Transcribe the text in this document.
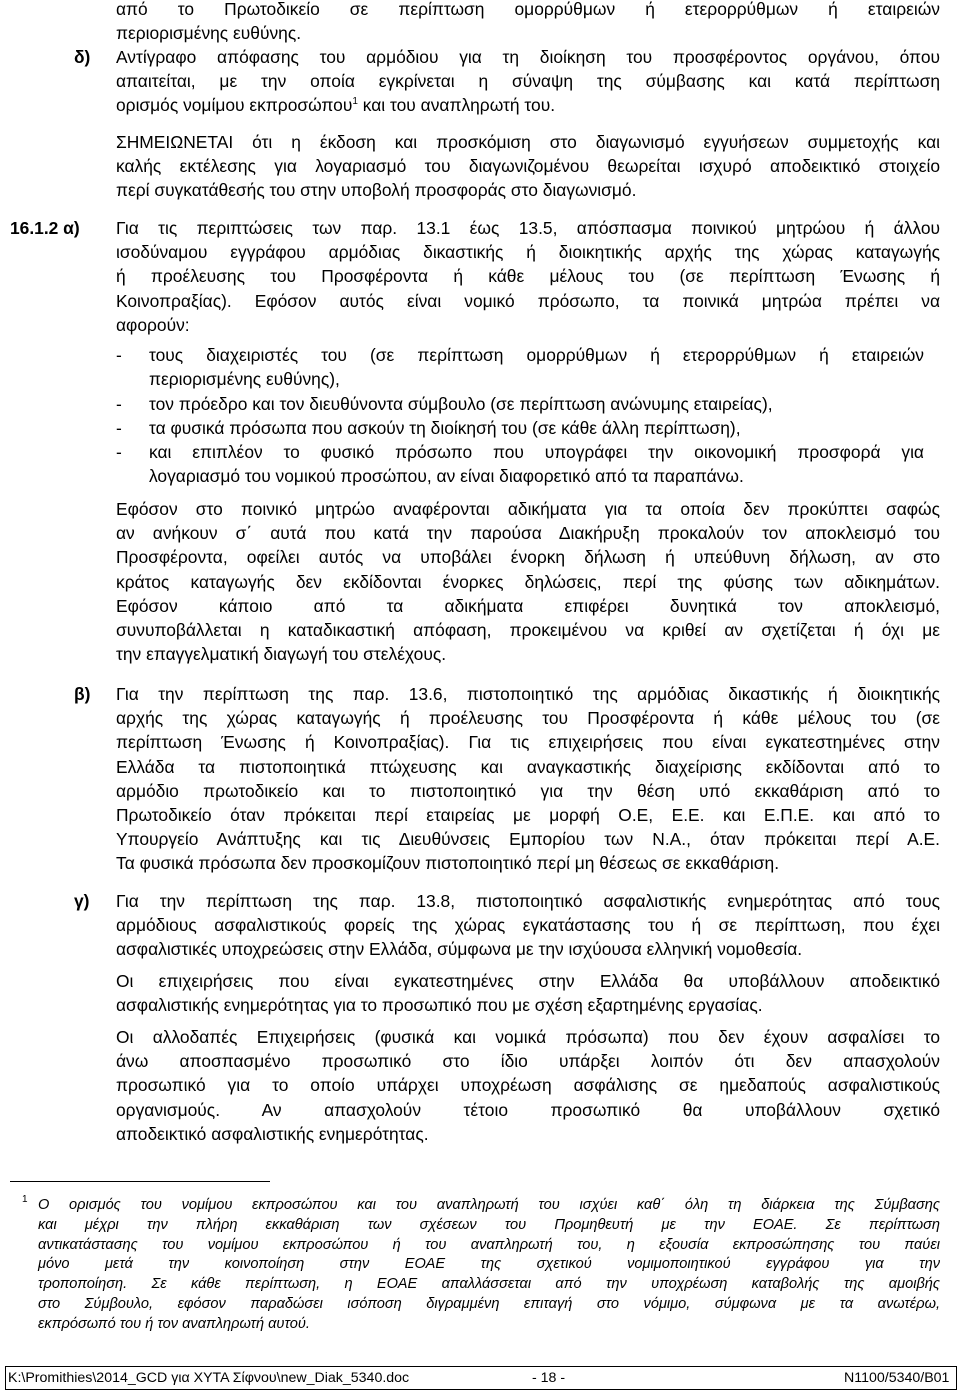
από το Πρωτοδικείο σε περίπτωση ομορρύθμων ή ετερορρύθμων ή εταιρειών
περιορισμένης ευθύνης.
δ) Αντίγραφο απόφασης του αρμόδιου για τη διοίκηση του προσφέροντος οργάνου, όπου
απαιτείται, με την οποία εγκρίνεται η σύναψη της σύμβασης και κατά περίπτωση
ορισμός νομίμου εκπροσώπου$^1$ και του αναπληρωτή του.
ΣΗΜΕΙΩΝΕΤΑΙ ότι η έκδοση και προσκόμιση στο διαγωνισμό εγγυήσεων συμμετοχής και
καλής εκτέλεσης για λογαριασμό του διαγωνιζομένου θεωρείται ισχυρό αποδεικτικό στοιχείο
περί συγκατάθεσής του στην υποβολή προσφοράς στο διαγωνισμό.
16.1.2 α) Για τις περιπτώσεις των παρ. 13.1 έως 13.5, απόσπασμα ποινικού μητρώου ή άλλου
ισοδύναμου εγγράφου αρμόδιας δικαστικής ή διοικητικής αρχής της χώρας καταγωγής
ή προέλευσης του Προσφέροντα ή κάθε μέλους του (σε περίπτωση Ένωσης ή
Κοινοπραξίας). Εφόσον αυτός είναι νομικό πρόσωπο, τα ποινικά μητρώα πρέπει να
αφορούν:
- τους διαχειριστές του (σε περίπτωση ομορρύθμων ή ετερορρύθμων ή εταιρειών
περιορισμένης ευθύνης),
- τον πρόεδρο και τον διευθύνοντα σύμβουλο (σε περίπτωση ανώνυμης εταιρείας),
- τα φυσικά πρόσωπα που ασκούν τη διοίκησή του (σε κάθε άλλη περίπτωση),
- και επιπλέον το φυσικό πρόσωπο που υπογράφει την οικονομική προσφορά για
λογαριασμό του νομικού προσώπου, αν είναι διαφορετικό από τα παραπάνω.
Εφόσον στο ποινικό μητρώο αναφέρονται αδικήματα για τα οποία δεν προκύπτει σαφώς
αν ανήκουν σ΄ αυτά που κατά την παρούσα Διακήρυξη προκαλούν τον αποκλεισμό του
Προσφέροντα, οφείλει αυτός να υποβάλει ένορκη δήλωση ή υπεύθυνη δήλωση, αν στο
κράτος καταγωγής δεν εκδίδονται ένορκες δηλώσεις, περί της φύσης των αδικημάτων.
Εφόσον κάποιο από τα αδικήματα επιφέρει δυνητικά τον αποκλεισμό,
συνυποβάλλεται η καταδικαστική απόφαση, προκειμένου να κριθεί αν σχετίζεται ή όχι με
την επαγγελματική διαγωγή του στελέχους.
β) Για την περίπτωση της παρ. 13.6, πιστοποιητικό της αρμόδιας δικαστικής ή διοικητικής
αρχής της χώρας καταγωγής ή προέλευσης του Προσφέροντα ή κάθε μέλους του (σε
περίπτωση Ένωσης ή Κοινοπραξίας). Για τις επιχειρήσεις που είναι εγκατεστημένες στην
Ελλάδα τα πιστοποιητικά πτώχευσης και αναγκαστικής διαχείρισης εκδίδονται από το
αρμόδιο πρωτοδικείο και το πιστοποιητικό για την θέση υπό εκκαθάριση από το
Πρωτοδικείο όταν πρόκειται περί εταιρείας με μορφή Ο.Ε, Ε.Ε. και Ε.Π.Ε. και από το
Υπουργείο Ανάπτυξης και τις Διευθύνσεις Εμπορίου των Ν.Α., όταν πρόκειται περί Α.Ε.
Τα φυσικά πρόσωπα δεν προσκομίζουν πιστοποιητικό περί μη θέσεως σε εκκαθάριση.
γ) Για την περίπτωση της παρ. 13.8, πιστοποιητικό ασφαλιστικής ενημερότητας από τους
αρμόδιους ασφαλιστικούς φορείς της χώρας εγκατάστασης του ή σε περίπτωση, που έχει
ασφαλιστικές υποχρεώσεις στην Ελλάδα, σύμφωνα με την ισχύουσα ελληνική νομοθεσία.
Οι επιχειρήσεις που είναι εγκατεστημένες στην Ελλάδα θα υποβάλλουν αποδεικτικό
ασφαλιστικής ενημερότητας για το προσωπικό που με σχέση εξαρτημένης εργασίας.
Οι αλλοδαπές Επιχειρήσεις (φυσικά και νομικά πρόσωπα) που δεν έχουν ασφαλίσει το
άνω αποσπασμένο προσωπικό στο ίδιο υπάρξει λοιπόν ότι δεν απασχολούν
προσωπικό για το οποίο υπάρχει υποχρέωση ασφάλισης σε ημεδαπούς ασφαλιστικούς
οργανισμούς. Αν απασχολούν τέτοιο προσωπικό θα υποβάλλουν σχετικό
αποδεικτικό ασφαλιστικής ενημερότητας.
1 Ο ορισμός του νομίμου εκπροσώπου και του αναπληρωτή του ισχύει καθ΄ όλη τη διάρκεια της Σύμβασης
και μέχρι την πλήρη εκκαθάριση των σχέσεων του Προμηθευτή με την ΕΟΑΕ. Σε περίπτωση
αντικατάστασης του νομίμου εκπροσώπου ή του αναπληρωτή του, η εξουσία εκπροσώπησης του παύει
μόνο μετά την κοινοποίηση στην ΕΟΑΕ της σχετικού νομιμοποιητικού εγγράφου για την
τροποποίηση. Σε κάθε περίπτωση, η ΕΟΑΕ απαλλάσσεται από την υποχρέωση καταβολής της αμοιβής
στο Σύμβουλο, εφόσον παραδώσει ισόποση διγραμμένη επιταγή στο νόμιμο, σύμφωνα με τα ανωτέρω,
εκπρόσωπό του ή τον αναπληρωτή αυτού.
K:\Promithies\2014_GCD για ΧΥΤΑ Σίφνου\new_Diak_5340.doc	- 18 -	N1100/5340/B01
